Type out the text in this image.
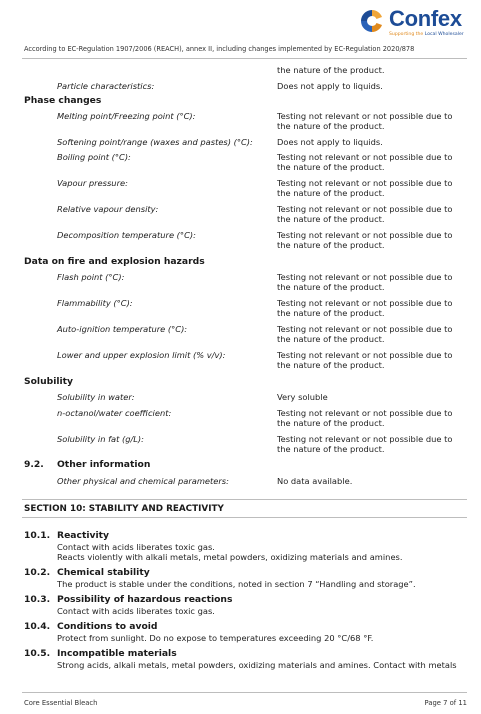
Confex
Supporting the Local Wholesaler
According to EC-Regulation 1907/2006 (REACH), annex II, including changes implemented by EC-Regulation 2020/878
the nature of the product.
Particle characteristics:	Does not apply to liquids.
Phase changes
Melting point/Freezing point (°C):	Testing not relevant or not possible due to
the nature of the product.
Softening point/range (waxes and pastes) (°C):	Does not apply to liquids.
Boiling point (°C):	Testing not relevant or not possible due to
the nature of the product.
Vapour pressure:	Testing not relevant or not possible due to
the nature of the product.
Relative vapour density:	Testing not relevant or not possible due to
the nature of the product.
Decomposition temperature (°C):	Testing not relevant or not possible due to
the nature of the product.
Data on fire and explosion hazards
Flash point (°C):	Testing not relevant or not possible due to
the nature of the product.
Flammability (°C):	Testing not relevant or not possible due to
the nature of the product.
Auto-ignition temperature (°C):	Testing not relevant or not possible due to
the nature of the product.
Lower and upper explosion limit (% v/v):	Testing not relevant or not possible due to
the nature of the product.
Solubility
Solubility in water:	Very soluble
n-octanol/water coefficient:	Testing not relevant or not possible due to
the nature of the product.
Solubility in fat (g/L):	Testing not relevant or not possible due to
the nature of the product.
9.2. Other information
Other physical and chemical parameters:	No data available.
SECTION 10: STABILITY AND REACTIVITY
10.1. Reactivity
Contact with acids liberates toxic gas.
Reacts violently with alkali metals, metal powders, oxidizing materials and amines.
10.2. Chemical stability
The product is stable under the conditions, noted in section 7 “Handling and storage”.
10.3. Possibility of hazardous reactions
Contact with acids liberates toxic gas.
10.4. Conditions to avoid
Protect from sunlight. Do no expose to temperatures exceeding 20 °C/68 °F.
10.5. Incompatible materials
Strong acids, alkali metals, metal powders, oxidizing materials and amines. Contact with metals
Core Essential Bleach	Page 7 of 11
